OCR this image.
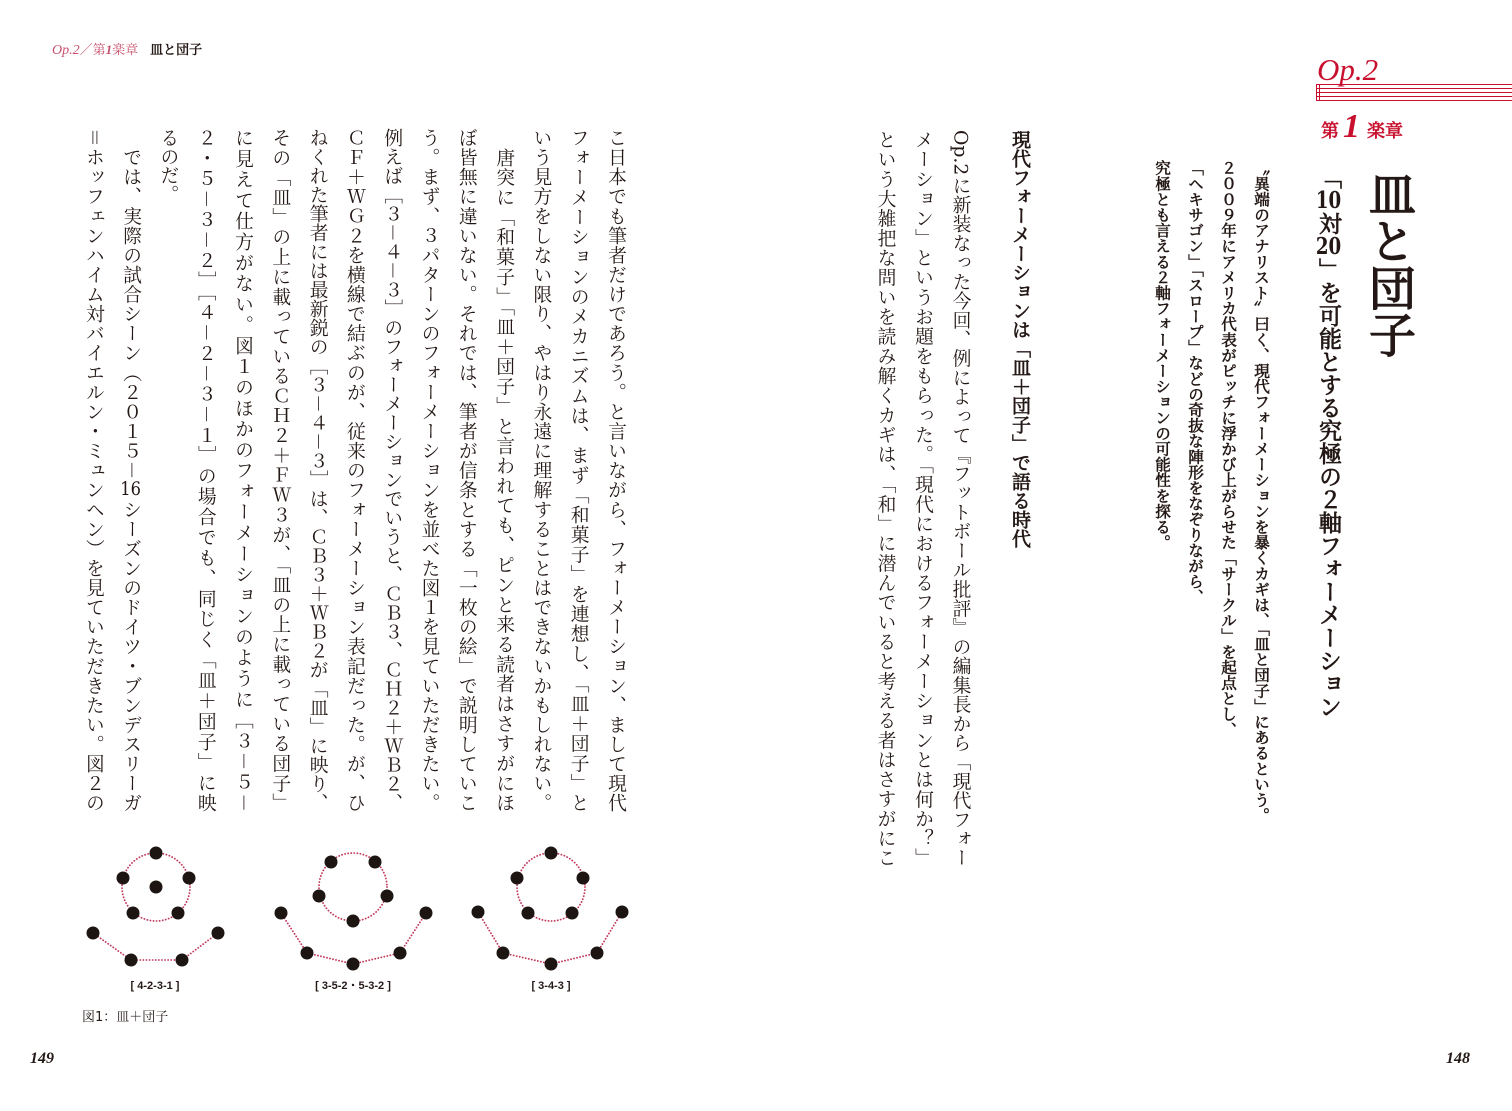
Op.2／第1楽章 皿と団子
こ日本でも筆者だけであろう。と言いながら、フォーメーション、まして現代
フォーメーションのメカニズムは、まず「和菓子」を連想し、「皿＋団子」と
いう見方をしない限り、やはり永遠に理解することはできないかもしれない。
　唐突に「和菓子」「皿＋団子」と言われても、ピンと来る読者はさすがにほ
ぼ皆無に違いない。それでは、筆者が信条とする「一枚の絵」で説明していこ
う。まず、３パターンのフォーメーションを並べた図１を見ていただきたい。
例えば［３－４－３］のフォーメーションでいうと、ＣＢ３、ＣＨ２＋ＷＢ２、
ＣＦ＋ＷＧ２を横線で結ぶのが、従来のフォーメーション表記だった。が、ひ
ねくれた筆者には最新鋭の［３－４－３］は、ＣＢ３＋ＷＢ２が「皿」に映り、
その「皿」の上に載っているＣＨ２＋ＦＷ３が、「皿の上に載っている団子」
に見えて仕方がない。図１のほかのフォーメーションのように［３－５－
２・５－３－２］［４－２－３－１］の場合でも、同じく「皿＋団子」に映
るのだ。
　では、実際の試合シーン（２０１５－16シーズンのドイツ・ブンデスリーガ
＝ホッフェンハイム対バイエルン・ミュンヘン）を見ていただきたい。図２の
[ 4-2-3-1 ]	[ 3-5-2・5-3-2 ]	[ 3-4-3 ]
図1：皿＋団子
149
Op.2
第 1 楽章
皿と団子
「10対20」を可能とする究極の２軸フォーメーション
〝異端のアナリスト〟曰く、現代フォーメーションを暴くカギは、「皿と団子」にあるという。
２００９年にアメリカ代表がピッチに浮かび上がらせた「サークル」を起点とし、
「ヘキサゴン」「スロープ」などの奇抜な陣形をなぞりながら、
究極とも言える２軸フォーメーションの可能性を探る。
現代フォーメーションは「皿＋団子」で語る時代
Op.2に新装なった今回、例によって『フットボール批評』の編集長から「現代フォー
メーション」というお題をもらった。「現代におけるフォーメーションとは何か？」
という大雑把な問いを読み解くカギは、「和」に潜んでいると考える者はさすがにこ
148
